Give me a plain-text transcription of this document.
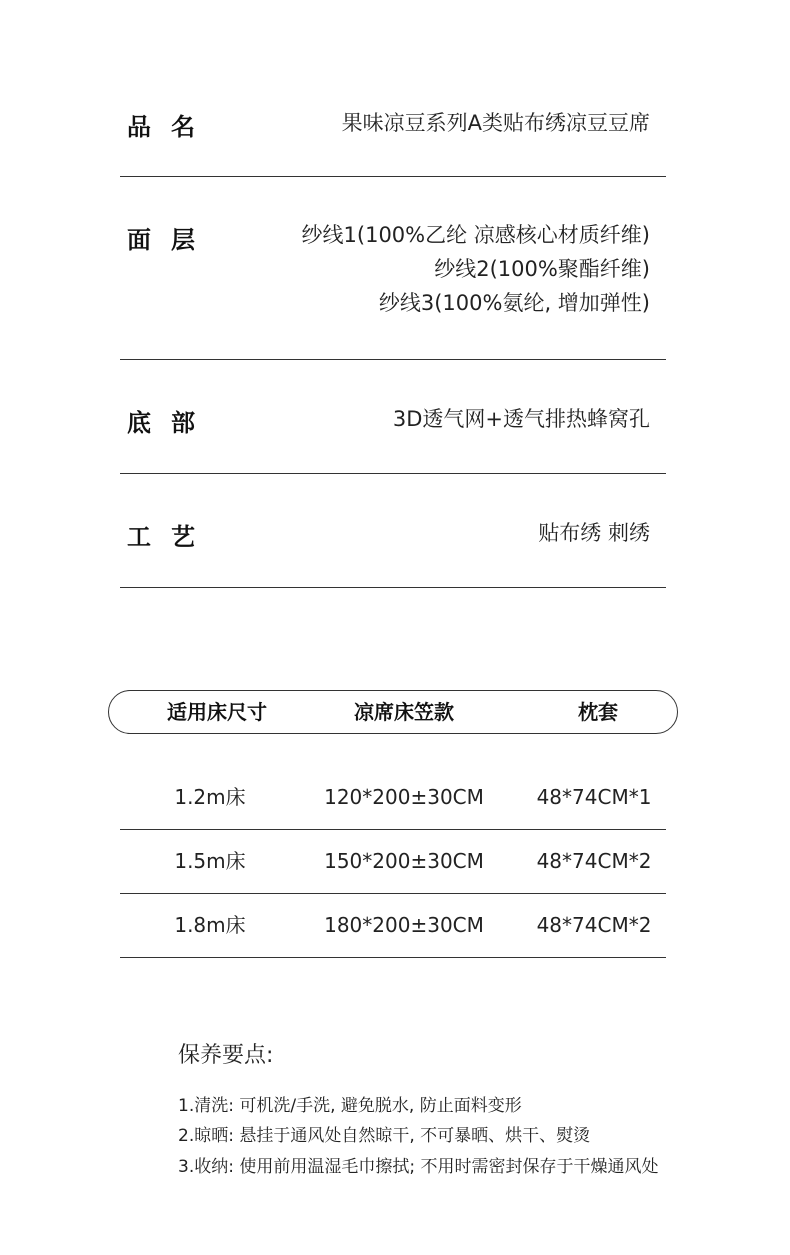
品名	果味凉豆系列A类贴布绣凉豆豆席
面层	纱线1(100%乙纶 凉感核心材质纤维)
纱线2(100%聚酯纤维)
纱线3(100%氨纶, 增加弹性)
底部	3D透气网+透气排热蜂窝孔
工艺	贴布绣 刺绣
适用床尺寸	凉席床笠款	枕套
1.2m床	120*200±30CM	48*74CM*1
1.5m床	150*200±30CM	48*74CM*2
1.8m床	180*200±30CM	48*74CM*2
保养要点:
1.清洗: 可机洗/手洗, 避免脱水, 防止面料变形
2.晾晒: 悬挂于通风处自然晾干, 不可暴晒、烘干、熨烫
3.收纳: 使用前用温湿毛巾擦拭; 不用时需密封保存于干燥通风处
